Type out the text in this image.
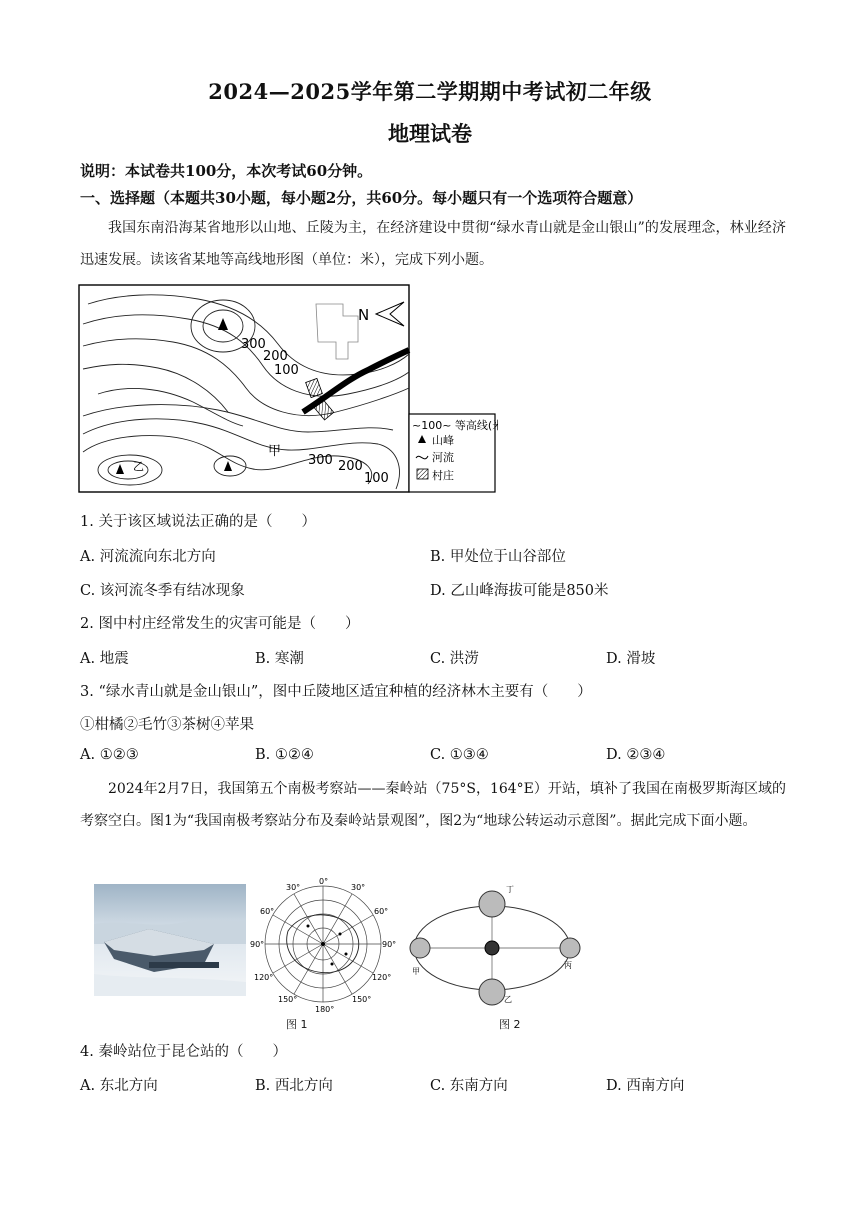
2024—2025学年第二学期期中考试初二年级
地理试卷
说明：本试卷共100分，本次考试60分钟。
一、选择题（本题共30小题，每小题2分，共60分。每小题只有一个选项符合题意）
我国东南沿海某省地形以山地、丘陵为主，在经济建设中贯彻“绿水青山就是金山银山”的发展理念，林业经济迅速发展。读该省某地等高线地形图（单位：米），完成下列小题。
N
300
200
100
乙
甲
300 200
100
~100~ 等高线(米)
山峰
河流
村庄
1. 关于该区域说法正确的是（　　）
A. 河流流向东北方向	B. 甲处位于山谷部位
C. 该河流冬季有结冰现象	D. 乙山峰海拔可能是850米
2. 图中村庄经常发生的灾害可能是（　　）
A. 地震	B. 寒潮	C. 洪涝	D. 滑坡
3. “绿水青山就是金山银山”，图中丘陵地区适宜种植的经济林木主要有（　　）
①柑橘②毛竹③茶树④苹果
A. ①②③	B. ①②④	C. ①③④	D. ②③④
2024年2月7日，我国第五个南极考察站——秦岭站（75°S，164°E）开站，填补了我国在南极罗斯海区域的考察空白。图1为“我国南极考察站分布及秦岭站景观图”，图2为“地球公转运动示意图”。据此完成下面小题。
0°
30°	30°
60°	60°
90°	90°
120°	120°
150°	150°
180°
图 1
甲
乙
丙
丁
图 2
4. 秦岭站位于昆仑站的（　　）
A. 东北方向	B. 西北方向	C. 东南方向	D. 西南方向
